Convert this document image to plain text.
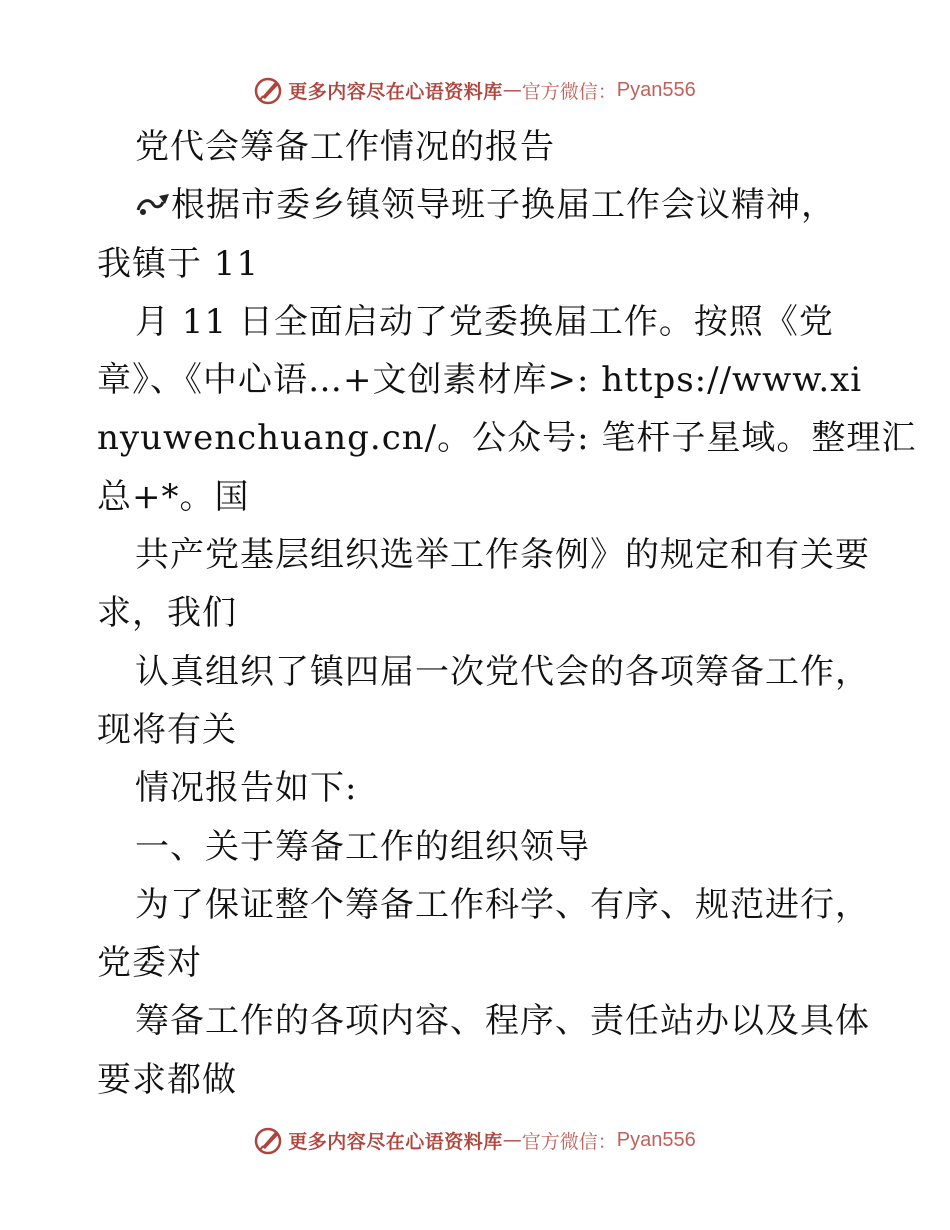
更多内容尽在心语资料库 — 官方微信： Pyan556
党代会筹备工作情况的报告
根据市委乡镇领导班子换届工作会议精神，
我镇于 11
月 11 日全面启动了党委换届工作。按照《党
章》、《中心语…+文创素材库>: https://www.xi
nyuwenchuang.cn/。公众号: 笔杆子星域。整理汇
总+*。国
共产党基层组织选举工作条例》的规定和有关要
求，我们
认真组织了镇四届一次党代会的各项筹备工作，
现将有关
情况报告如下:
一、关于筹备工作的组织领导
为了保证整个筹备工作科学、有序、规范进行，
党委对
筹备工作的各项内容、程序、责任站办以及具体
要求都做
更多内容尽在心语资料库 — 官方微信： Pyan556
